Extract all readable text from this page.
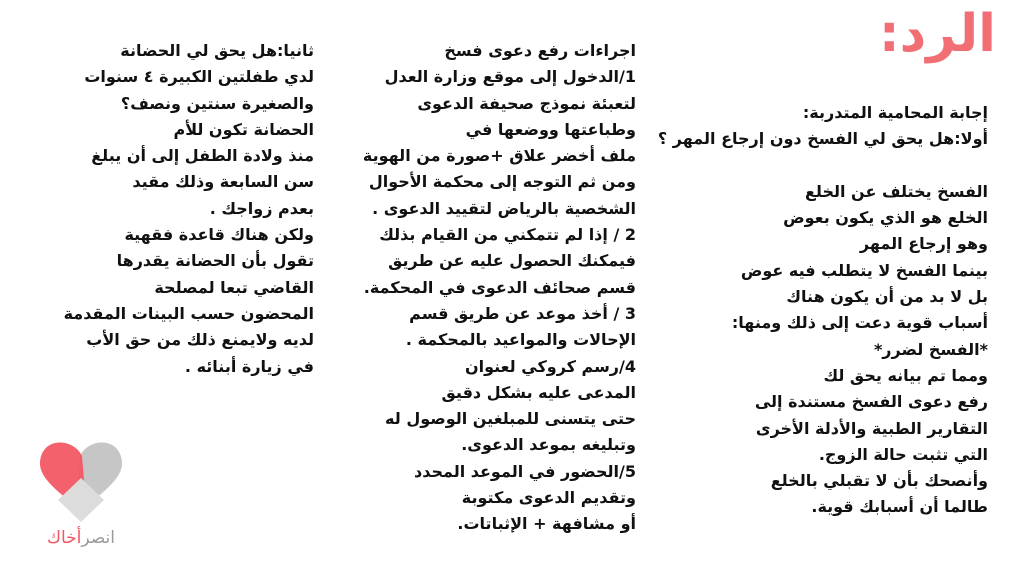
الرد:
إجابة المحامية المتدربة:
أولا:هل يحق لي الفسخ دون إرجاع المهر ؟
الفسخ يختلف عن الخلع
الخلع هو الذي يكون بعوض
وهو إرجاع المهر
بينما الفسخ لا يتطلب فيه عوض
بل لا بد من أن يكون هناك
أسباب قوية دعت إلى ذلك ومنها:
*الفسخ لضرر*
ومما تم بيانه يحق لك
رفع دعوى الفسخ مستندة إلى
التقارير الطبية والأدلة الأخرى
التي تثبت حالة الزوج.
وأنصحك بأن لا تقبلي بالخلع
طالما أن أسبابك قوية.
اجراءات رفع دعوى فسخ
1/الدخول إلى موقع وزارة العدل
لتعبئة نموذج صحيفة الدعوى
وطباعتها ووضعها في
ملف أخضر علاق +صورة من الهوية
ومن ثم التوجه إلى محكمة الأحوال
الشخصية بالرياض لتقييد الدعوى .
2 / إذا لم تتمكني من القيام بذلك
فيمكنك الحصول عليه عن طريق
قسم صحائف الدعوى في المحكمة.
3 / أخذ موعد عن طريق قسم
الإحالات والمواعيد بالمحكمة .
4/رسم كروكي لعنوان
المدعى عليه بشكل دقيق
حتى يتسنى للمبلغين الوصول له
وتبليغه بموعد الدعوى.
5/الحضور في الموعد المحدد
وتقديم الدعوى مكتوبة
أو مشافهة + الإثباتات.
ثانيا:هل يحق لي الحضانة
لدي طفلتين الكبيرة ٤ سنوات
والصغيرة سنتين ونصف؟
الحضانة تكون للأم
منذ ولادة الطفل إلى أن يبلغ
سن السابعة وذلك مقيد
بعدم زواجك .
ولكن هناك قاعدة فقهية
تقول بأن الحضانة يقدرها
القاضي تبعا لمصلحة
المحضون حسب البينات المقدمة
لديه ولايمنع ذلك من حق الأب
في زيارة أبنائه .
انصرأخاك
